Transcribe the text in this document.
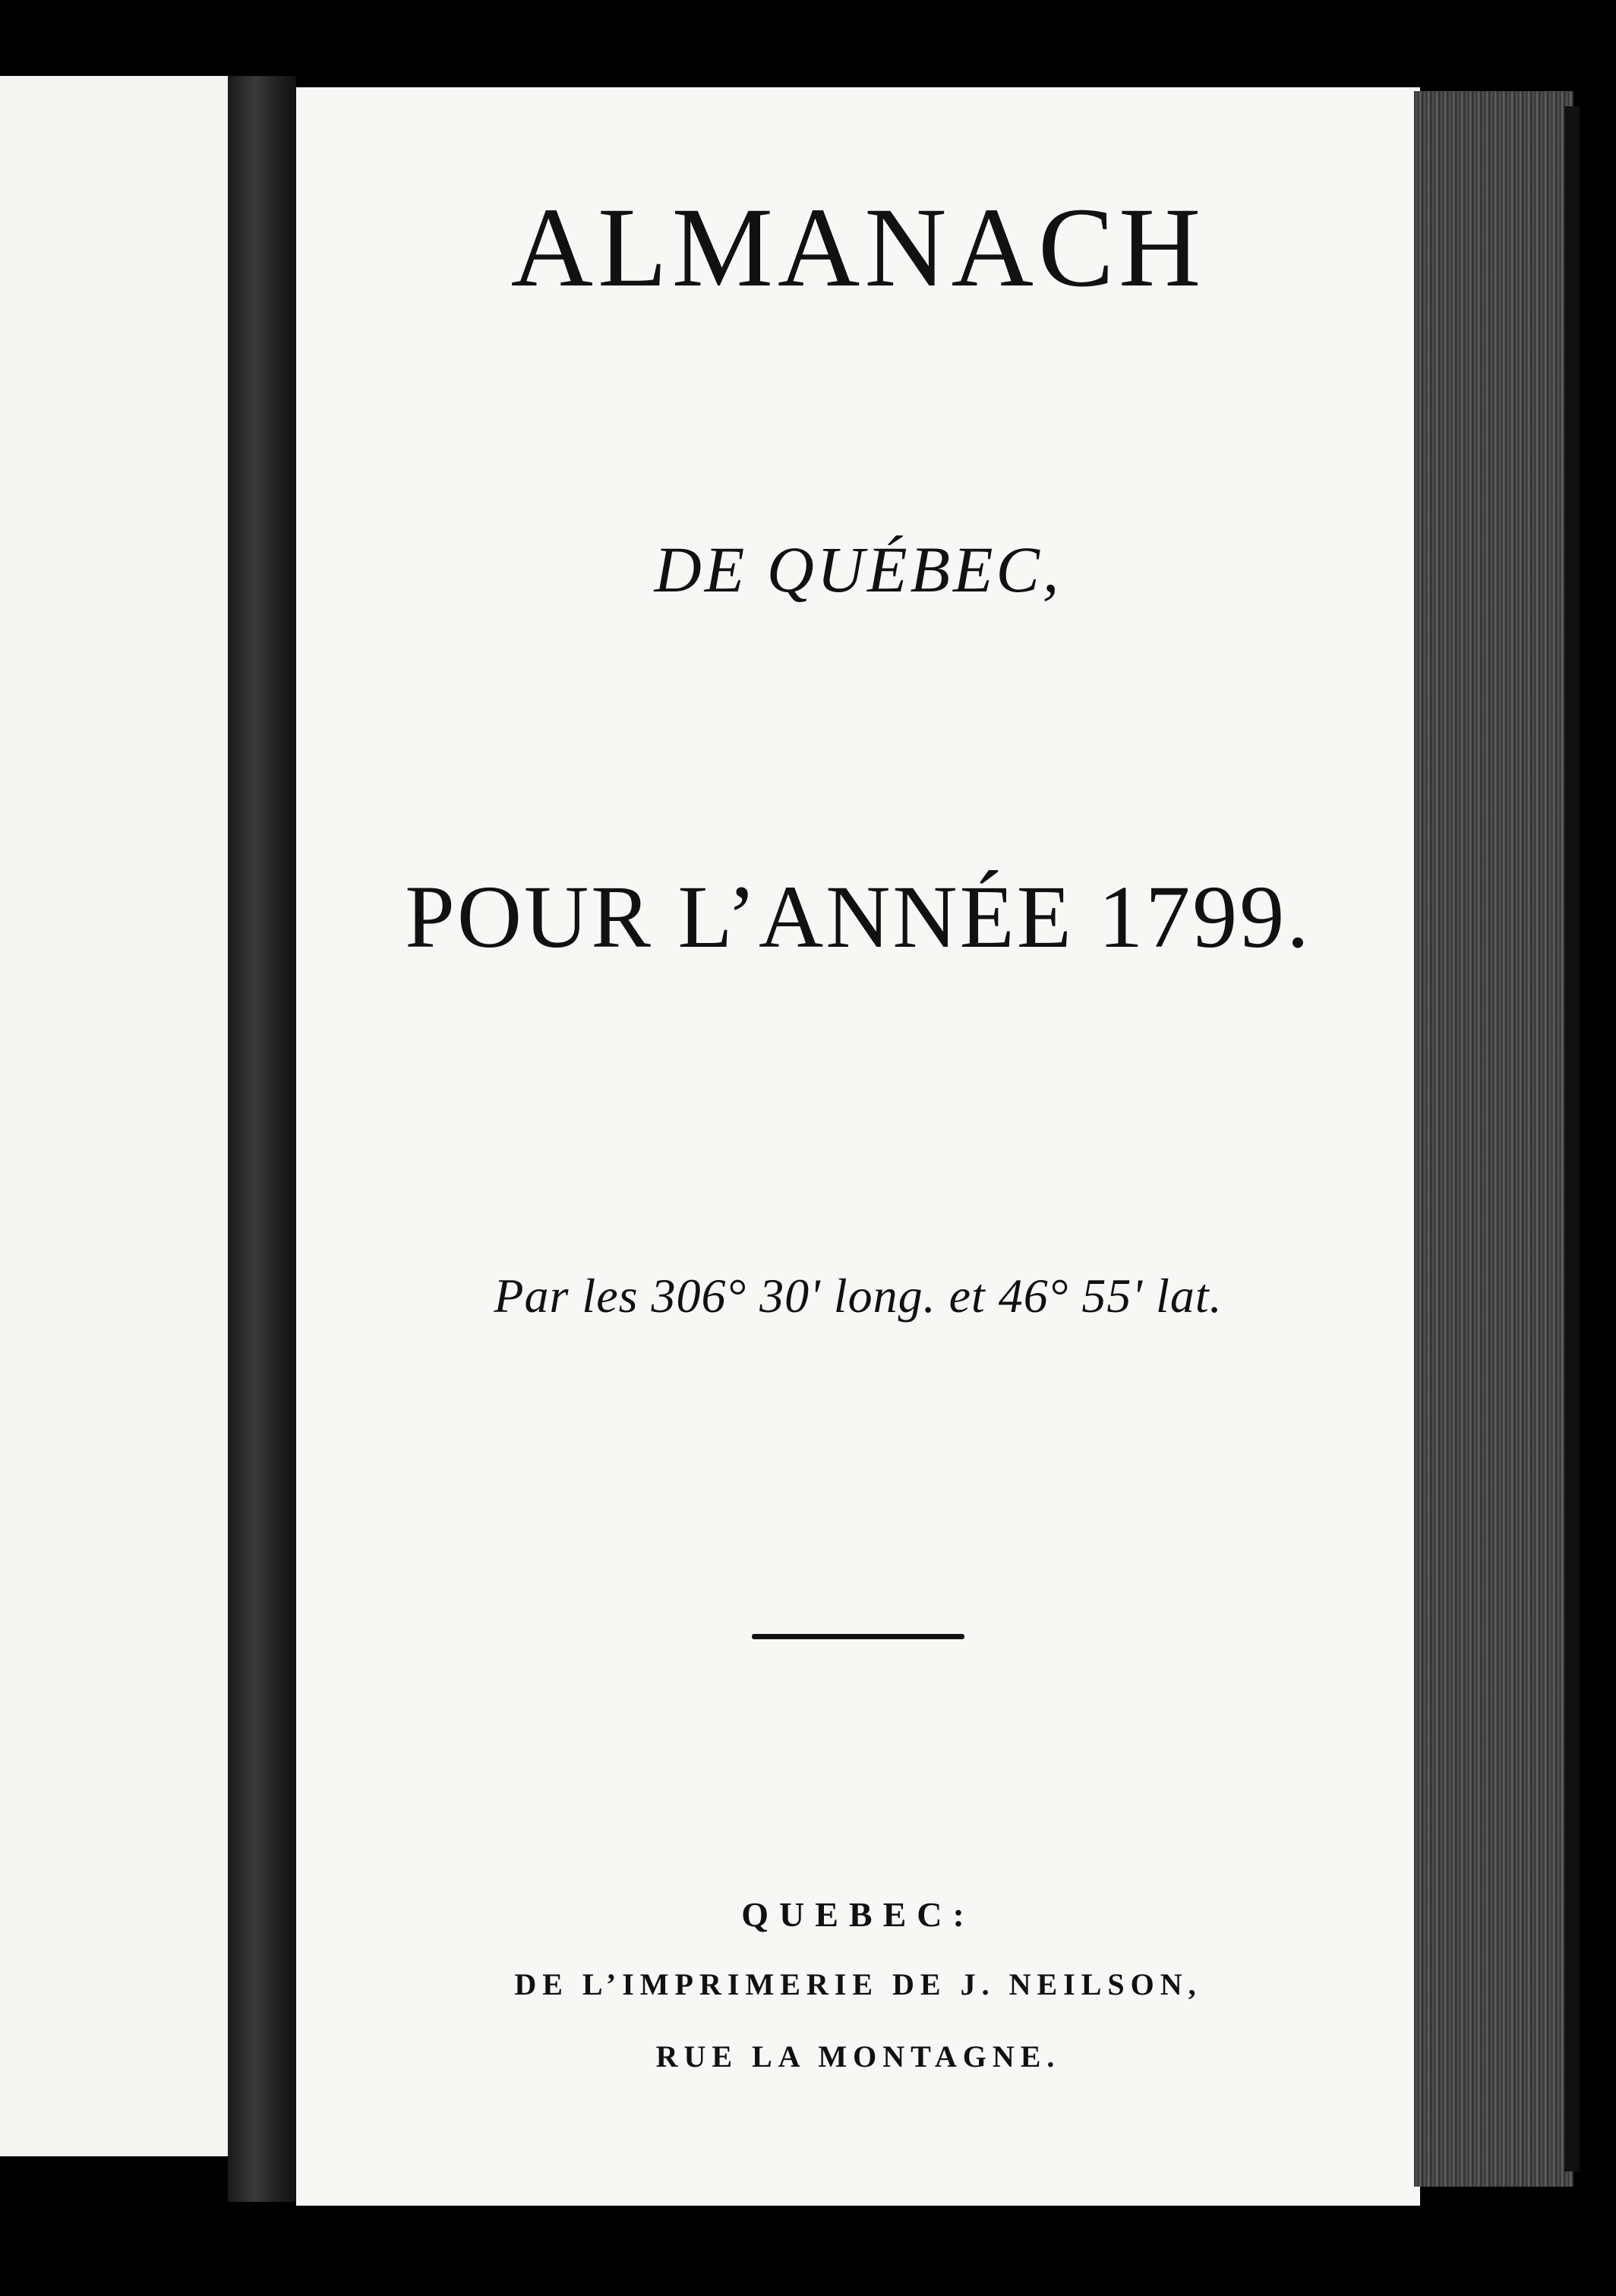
ALMANACH
DE QUÉBEC,
POUR L’ANNÉE 1799.
Par les 306° 30' long. et 46° 55' lat.
QUEBEC:
DE L’IMPRIMERIE DE J. NEILSON,
RUE LA MONTAGNE.
